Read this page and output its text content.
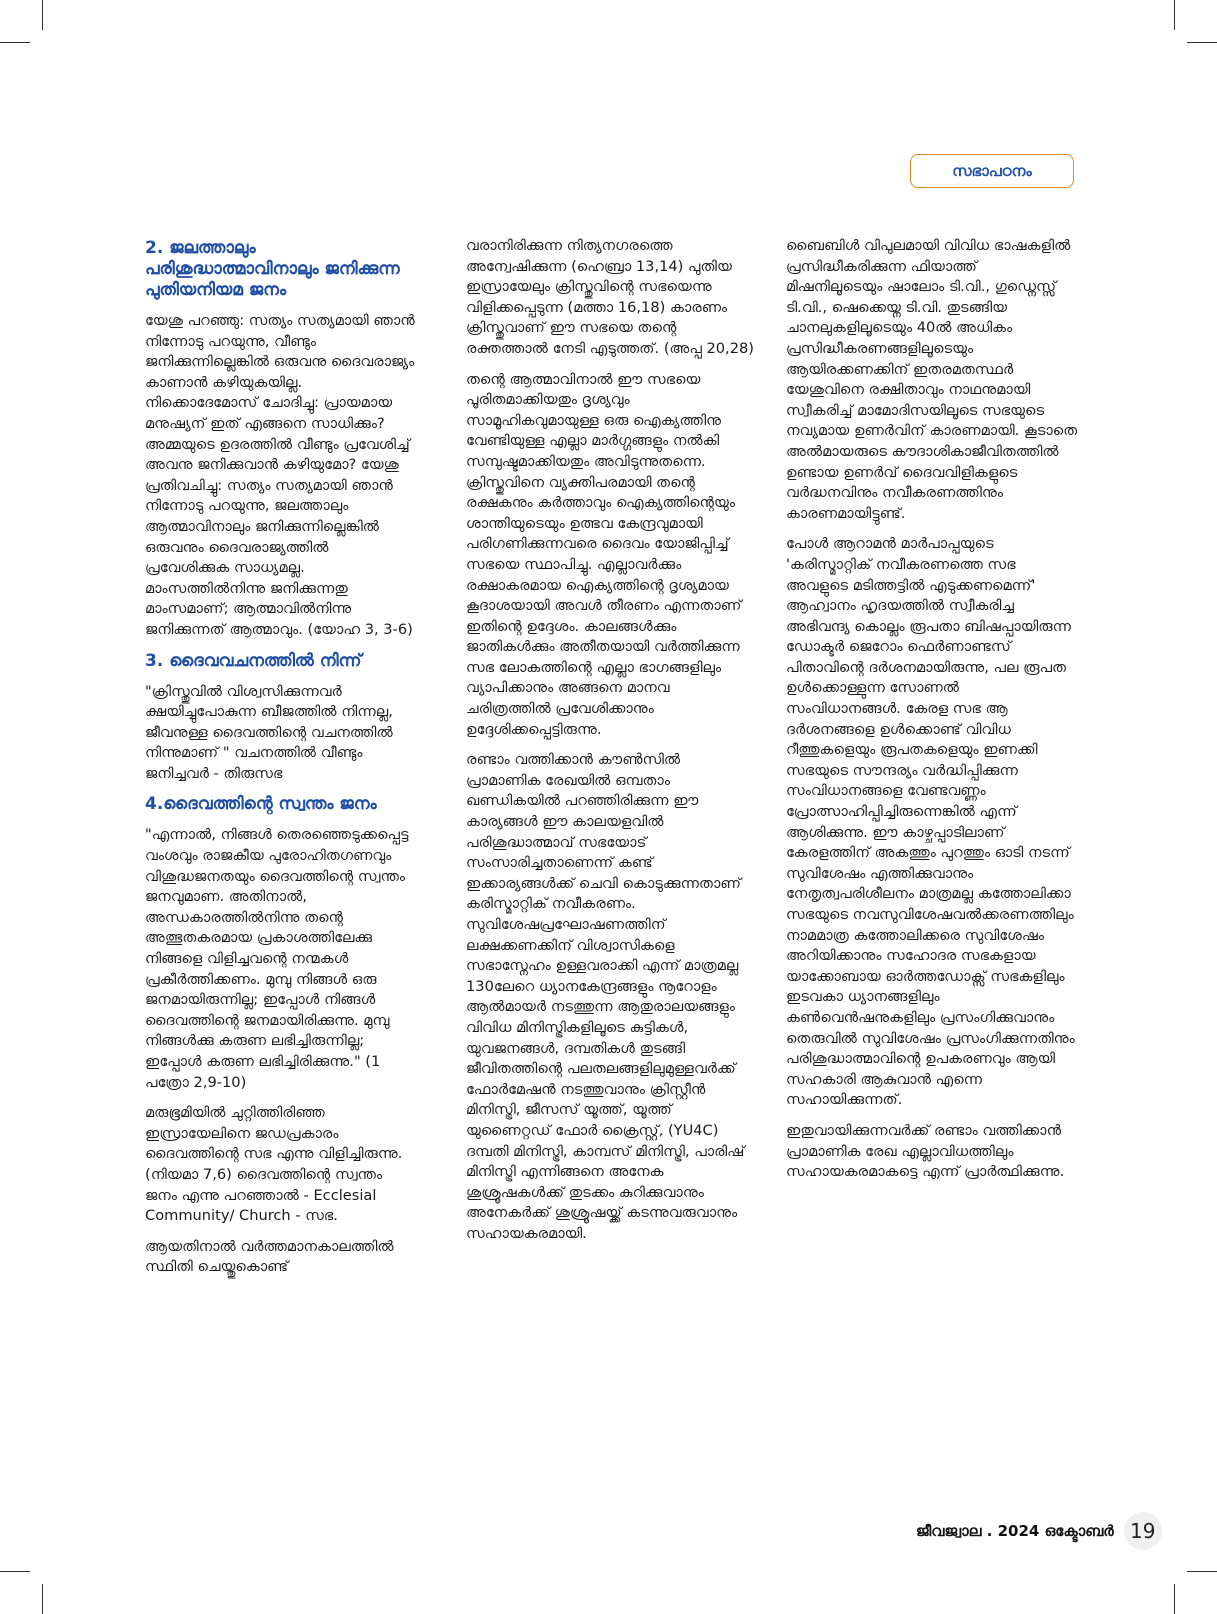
സഭാപഠനം
2. ജലത്താലും പരിശുദ്ധാത്മാവിനാലും ജനിക്കുന്ന പുതിയനിയമ ജനം

യേശു പറഞ്ഞു: സത്യം സത്യമായി ഞാൻ നിന്നോടു പറയുന്നു, വീണ്ടും ജനിക്കുന്നില്ലെങ്കിൽ ഒരുവനു ദൈവരാജ്യം കാണാൻ കഴിയുകയില്ല. നിക്കൊദേമോസ് ചോദിച്ചു: പ്രായമായ മനുഷ്യന് ഇത് എങ്ങനെ സാധിക്കും? അമ്മയുടെ ഉദരത്തിൽ വീണ്ടും പ്രവേശിച്ച് അവനു ജനിക്കുവാൻ കഴിയുമോ? യേശു പ്രതിവചിച്ചു: സത്യം സത്യമായി ഞാൻ നിന്നോടു പറയുന്നു, ജലത്താലും ആത്മാവിനാലും ജനിക്കുന്നില്ലെങ്കിൽ ഒരുവനും ദൈവരാജ്യത്തിൽ പ്രവേശിക്കുക സാധ്യമല്ല. മാംസത്തിൽനിന്നു ജനിക്കുന്നതു മാംസമാണ്; ആത്മാവിൽനിന്നു ജനിക്കുന്നത് ആത്മാവും. (യോഹ 3, 3-6)

3. ദൈവവചനത്തിൽ നിന്ന്

"ക്രിസ്തുവിൽ വിശ്വസിക്കുന്നവർ ക്ഷയിച്ചുപോകുന്ന ബീജത്തിൽ നിന്നല്ല, ജീവനുള്ള ദൈവത്തിന്റെ വചനത്തിൽ നിന്നുമാണ് " വചനത്തിൽ വീണ്ടും ജനിച്ചവർ - തിരുസഭ

4.ദൈവത്തിന്റെ സ്വന്തം ജനം

"എന്നാൽ, നിങ്ങൾ തെരഞ്ഞെടുക്കപ്പെട്ട വംശവും രാജകീയ പുരോഹിതഗണവും വിശുദ്ധജനതയും ദൈവത്തിന്റെ സ്വന്തം ജനവുമാണ. അതിനാൽ, അന്ധകാരത്തിൽനിന്നു തന്റെ അത്ഭുതകരമായ പ്രകാശത്തിലേക്കു നിങ്ങളെ വിളിച്ചവന്റെ നന്മകൾ പ്രകീർത്തിക്കണം. മുമ്പു നിങ്ങൾ ഒരു ജനമായിരുന്നില്ല; ഇപ്പോൾ നിങ്ങൾ ദൈവത്തിന്റെ ജനമായിരിക്കുന്നു. മുമ്പു നിങ്ങൾക്കു കരുണ ലഭിച്ചിരുന്നില്ല; ഇപ്പോൾ കരുണ ലഭിച്ചിരിക്കുന്നു." (1 പത്രോ 2,9-10)

മരുഭൂമിയിൽ ചുറ്റിത്തിരിഞ്ഞ ഇസ്രായേലിനെ ജഡപ്രകാരം ദൈവത്തിന്റെ സഭ എന്നു വിളിച്ചിരുന്നു. (നിയമാ 7,6) ദൈവത്തിന്റെ സ്വന്തം ജനം എന്നു പറഞ്ഞാൽ - Ecclesial Community/ Church - സഭ.

ആയതിനാൽ വർത്തമാനകാലത്തിൽ സ്ഥിതി ചെയ്തുകൊണ്ട്

വരാനിരിക്കുന്ന നിത്യനഗരത്തെ അന്വേഷിക്കുന്ന (ഹെബ്രാ 13,14) പുതിയ ഇസ്രായേലും ക്രിസ്തുവിന്റെ സഭയെന്നു വിളിക്കപ്പെടുന്ന (മത്താ 16,18) കാരണം ക്രിസ്തുവാണ് ഈ സഭയെ തന്റെ രക്തത്താൽ നേടി എടുത്തത്. (അപ്പ 20,28)

തന്റെ ആത്മാവിനാൽ ഈ സഭയെ പൂരിതമാക്കിയതും ദൃശ്യവും സാമൂഹികവുമായുള്ള ഒരു ഐക്യത്തിനു വേണ്ടിയുള്ള എല്ലാ മാർഗ്ഗങ്ങളും നൽകി സമ്പുഷ്ടമാക്കിയതും അവിടുന്നുതന്നെ. ക്രിസ്തുവിനെ വ്യക്തിപരമായി തന്റെ രക്ഷകനും കർത്താവും ഐക്യത്തിന്റെയും ശാന്തിയുടെയും ഉത്ഭവ കേന്ദ്രവുമായി പരിഗണിക്കുന്നവരെ ദൈവം യോജിപ്പിച്ച് സഭയെ സ്ഥാപിച്ചു. എല്ലാവർക്കും രക്ഷാകരമായ ഐക്യത്തിന്റെ ദൃശ്യമായ കൂദാശയായി അവൾ തീരണം എന്നതാണ് ഇതിന്റെ ഉദ്ദേശം. കാലങ്ങൾക്കും ജാതികൾക്കും അതീതയായി വർത്തിക്കുന്ന സഭ ലോകത്തിന്റെ എല്ലാ ഭാഗങ്ങളിലും വ്യാപിക്കാനും അങ്ങനെ മാനവ ചരിത്രത്തിൽ പ്രവേശിക്കാനും ഉദ്ദേശിക്കപ്പെട്ടിരുന്നു.

രണ്ടാം വത്തിക്കാൻ കൗൺസിൽ പ്രാമാണിക രേഖയിൽ ഒമ്പതാം ഖണ്ഡികയിൽ പറഞ്ഞിരിക്കുന്ന ഈ കാര്യങ്ങൾ ഈ കാലയളവിൽ പരിശുദ്ധാത്മാവ് സഭയോട് സംസാരിച്ചതാണെന്ന് കണ്ട് ഇക്കാര്യങ്ങൾക്ക് ചെവി കൊടുക്കുന്നതാണ് കരിസ്മാറ്റിക് നവീകരണം. സുവിശേഷപ്രഘോഷണത്തിന് ലക്ഷക്കണക്കിന് വിശ്വാസികളെ സഭാസ്നേഹം ഉള്ളവരാക്കി എന്ന് മാത്രമല്ല 130ലേറെ ധ്യാനകേന്ദ്രങ്ങളും നൂറോളം ആൽമായർ നടത്തുന്ന ആതുരാലയങ്ങളും വിവിധ മിനിസ്ട്രികളിലൂടെ കുട്ടികൾ, യുവജനങ്ങൾ, ദമ്പതികൾ തുടങ്ങി ജീവിതത്തിന്റെ പലതലങ്ങളിലുമുള്ളവർക്ക് ഫോർമേഷൻ നടത്തുവാനും ക്രിസ്റ്റീൻ മിനിസ്ട്രി, ജീസസ് യൂത്ത്, യൂത്ത് യുണൈറ്റഡ് ഫോർ ക്രൈസ്റ്റ്, (YU4C) ദമ്പതി മിനിസ്ട്രി, കാമ്പസ് മിനിസ്ട്രി, പാരിഷ് മിനിസ്ട്രി എന്നിങ്ങനെ അനേക ശുശ്രൂഷകൾക്ക് തുടക്കം കുറിക്കുവാനും അനേകർക്ക് ശുശ്രൂഷയ്ക്ക് കടന്നുവരുവാനും സഹായകരമായി.

ബൈബിൾ വിപുലമായി വിവിധ ഭാഷകളിൽ പ്രസിദ്ധീകരിക്കുന്ന ഫിയാത്ത് മിഷനിലൂടെയും ഷാലോം ടി.വി., ഗുഡ്നെസ്സ് ടി.വി., ഷെക്കെയ്ന ടി.വി. തുടങ്ങിയ ചാനലുകളിലൂടെയും 40ൽ അധികം പ്രസിദ്ധീകരണങ്ങളിലൂടെയും ആയിരക്കണക്കിന് ഇതരമതസ്ഥർ യേശുവിനെ രക്ഷിതാവും നാഥനുമായി സ്വീകരിച്ച് മാമോദിസയിലൂടെ സഭയുടെ നവ്യമായ ഉണർവിന് കാരണമായി. കൂടാതെ അൽമായരുടെ കൗദാശികാജീവിതത്തിൽ ഉണ്ടായ ഉണർവ് ദൈവവിളികളുടെ വർദ്ധനവിനും നവീകരണത്തിനും കാരണമായിട്ടുണ്ട്.

പോൾ ആറാമൻ മാർപാപ്പയുടെ 'കരിസ്മാറ്റിക് നവീകരണത്തെ സഭ അവളുടെ മടിത്തട്ടിൽ എടുക്കണമെന്ന്' ആഹ്വാനം ഹൃദയത്തിൽ സ്വീകരിച്ച അഭിവന്ദ്യ കൊല്ലം രൂപതാ ബിഷപ്പായിരുന്ന ഡോക്ടർ ജെറോം ഫെർണാണ്ടസ് പിതാവിന്റെ ദർശനമായിരുന്നു, പല രൂപത ഉൾക്കൊള്ളുന്ന സോണൽ സംവിധാനങ്ങൾ. കേരള സഭ ആ ദർശനങ്ങളെ ഉൾക്കൊണ്ട് വിവിധ റീത്തുകളെയും രൂപതകളെയും ഇണക്കി സഭയുടെ സൗന്ദര്യം വർദ്ധിപ്പിക്കുന്ന സംവിധാനങ്ങളെ വേണ്ടവണ്ണം പ്രോത്സാഹിപ്പിച്ചിരുന്നെങ്കിൽ എന്ന് ആശിക്കുന്നു. ഈ കാഴ്ചപ്പാടിലാണ് കേരളത്തിന് അകത്തും പുറത്തും ഓടി നടന്ന് സുവിശേഷം എത്തിക്കുവാനും നേതൃത്വപരിശീലനം മാത്രമല്ല കത്തോലിക്കാ സഭയുടെ നവസുവിശേഷവൽക്കരണത്തിലും നാമമാത്ര കത്തോലിക്കരെ സുവിശേഷം അറിയിക്കാനും സഹോദര സഭകളായ യാക്കോബായ ഓർത്തഡോക്സ് സഭകളിലും ഇടവകാ ധ്യാനങ്ങളിലും കൺവെൻഷനുകളിലും പ്രസംഗിക്കുവാനും തെരുവിൽ സുവിശേഷം പ്രസംഗിക്കുന്നതിനും പരിശുദ്ധാത്മാവിന്റെ ഉപകരണവും ആയി സഹകാരി ആകുവാൻ എന്നെ സഹായിക്കുന്നത്.

ഇതുവായിക്കുന്നവർക്ക് രണ്ടാം വത്തിക്കാൻ പ്രാമാണിക രേഖ എല്ലാവിധത്തിലും സഹായകരമാകട്ടെ എന്ന് പ്രാർത്ഥിക്കുന്നു.

ജീവജ്വാല . 2024 ഒക്ടോബർ 19
